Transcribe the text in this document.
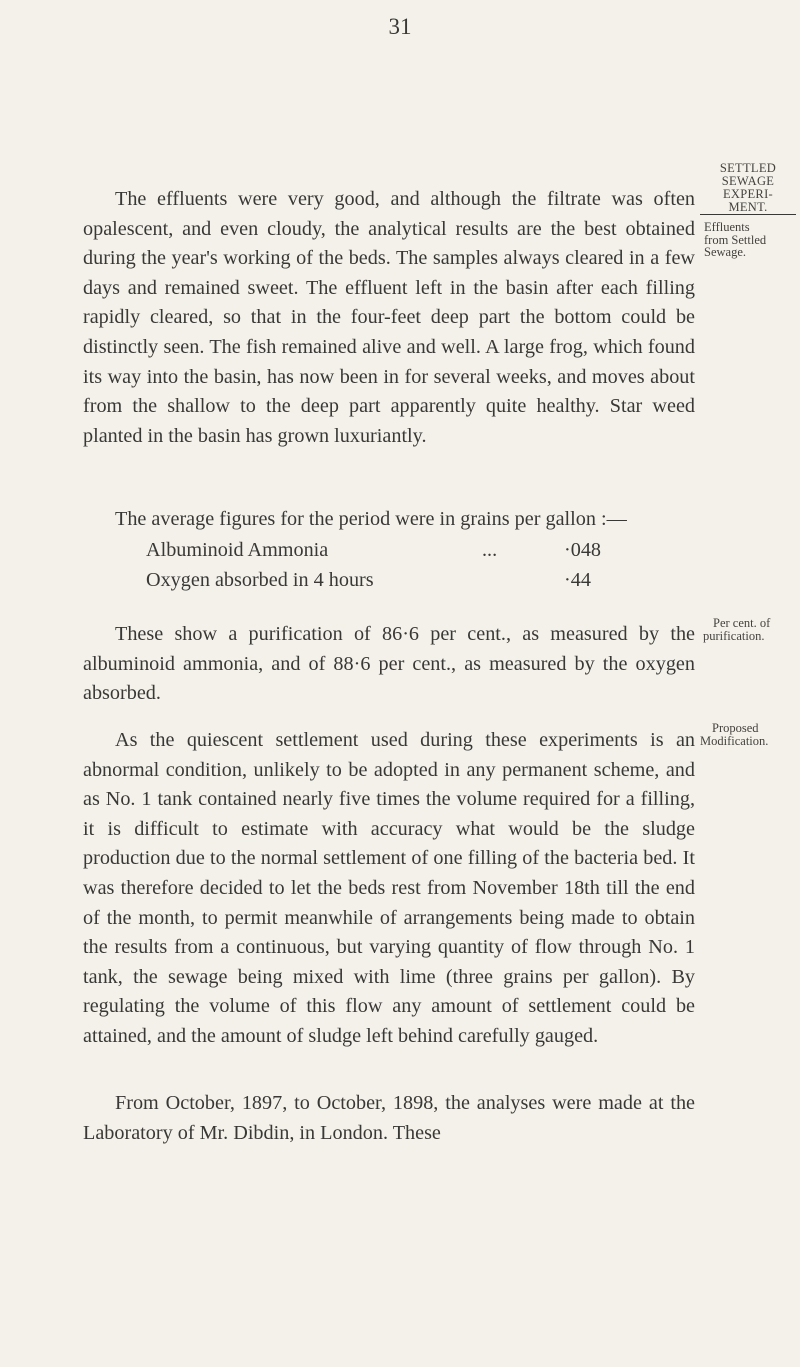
31
SETTLED
SEWAGE
EXPERI-
MENT.
Effluents
from Settled
Sewage.
Per cent. of
purification.
Proposed
Modification.

The effluents were very good, and although the filtrate was often opalescent, and even cloudy, the analytical results are the best obtained during the year's working of the beds. The samples always cleared in a few days and remained sweet. The effluent left in the basin after each filling rapidly cleared, so that in the four-feet deep part the bottom could be distinctly seen. The fish remained alive and well. A large frog, which found its way into the basin, has now been in for several weeks, and moves about from the shallow to the deep part apparently quite healthy. Star weed planted in the basin has grown luxuriantly.

The average figures for the period were in grains per gallon :—

Albuminoid Ammonia	...	·048
Oxygen absorbed in 4 hours	·44

These show a purification of 86·6 per cent., as measured by the albuminoid ammonia, and of 88·6 per cent., as measured by the oxygen absorbed.

As the quiescent settlement used during these experiments is an abnormal condition, unlikely to be adopted in any permanent scheme, and as No. 1 tank contained nearly five times the volume required for a filling, it is difficult to estimate with accuracy what would be the sludge production due to the normal settlement of one filling of the bacteria bed. It was therefore decided to let the beds rest from November 18th till the end of the month, to permit meanwhile of arrangements being made to obtain the results from a continuous, but varying quantity of flow through No. 1 tank, the sewage being mixed with lime (three grains per gallon). By regulating the volume of this flow any amount of settlement could be attained, and the amount of sludge left behind carefully gauged.

From October, 1897, to October, 1898, the analyses were made at the Laboratory of Mr. Dibdin, in London. These
